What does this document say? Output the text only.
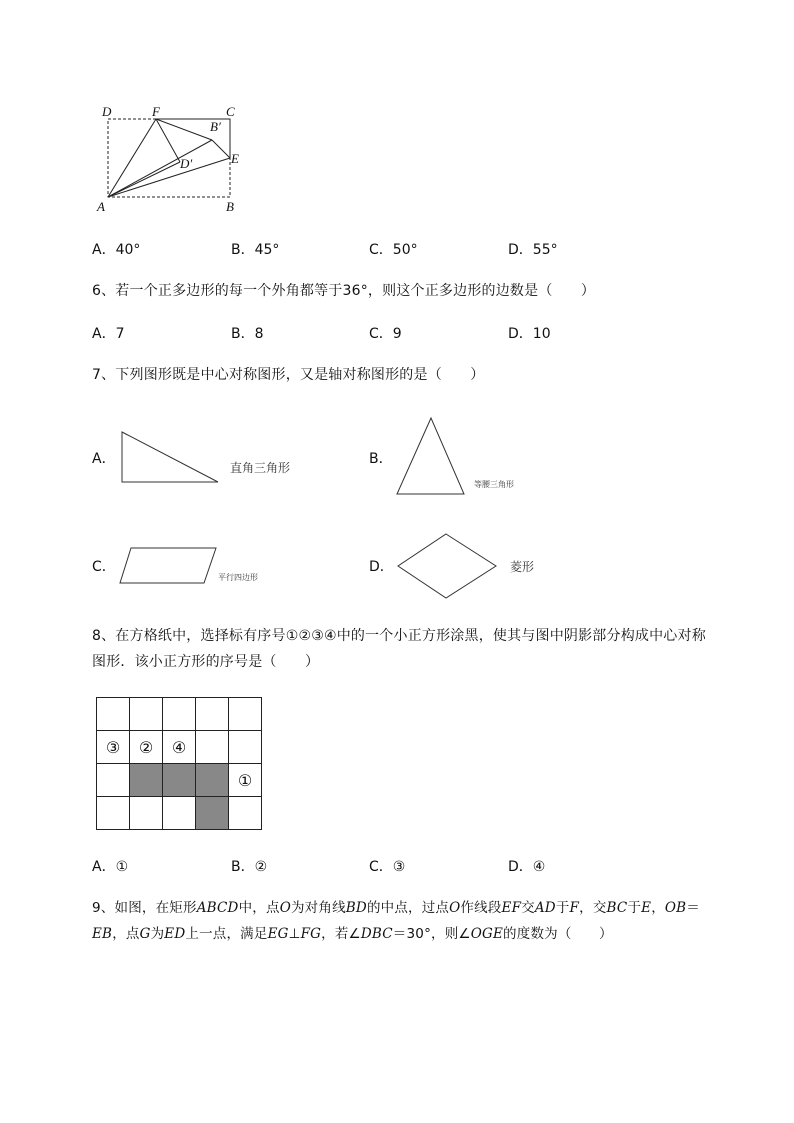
D	F	C
B′
D′	E
A	B
A．40°	B．45°	C．50°	D．55°
6、若一个正多边形的每一个外角都等于36°，则这个正多边形的边数是（　　）
A．7	B．8	C．9	D．10
7、下列图形既是中心对称图形，又是轴对称图形的是（　　）
A．
直角三角形
B．
等腰三角形
C．
平行四边形
D．	菱形
8、在方格纸中，选择标有序号①②③④中的一个小正方形涂黑，使其与图中阴影部分构成中心对称
图形．该小正方形的序号是（　　）

③	②	④		
				①

A．①	B．②	C．③	D．④
9、如图，在矩形ABCD中，点O为对角线BD的中点，过点O作线段EF交AD于F，交BC于E，OB＝
EB，点G为ED上一点，满足EG⊥FG，若∠DBC＝30°，则∠OGE的度数为（　　）
